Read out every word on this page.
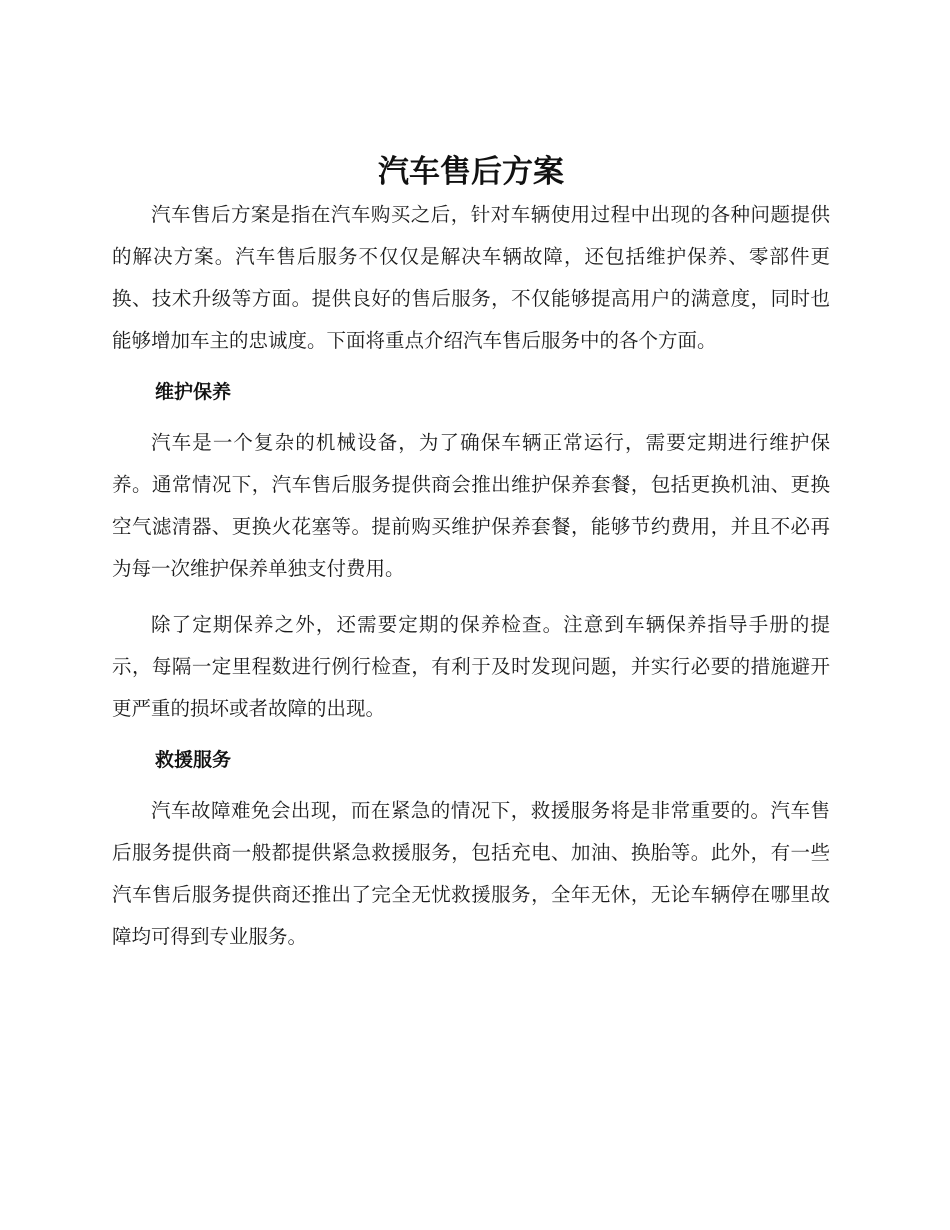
汽车售后方案

汽车售后方案是指在汽车购买之后，针对车辆使用过程中出现的各种问题提供的解决方案。汽车售后服务不仅仅是解决车辆故障，还包括维护保养、零部件更换、技术升级等方面。提供良好的售后服务，不仅能够提高用户的满意度，同时也能够增加车主的忠诚度。下面将重点介绍汽车售后服务中的各个方面。

维护保养

汽车是一个复杂的机械设备，为了确保车辆正常运行，需要定期进行维护保养。通常情况下，汽车售后服务提供商会推出维护保养套餐，包括更换机油、更换空气滤清器、更换火花塞等。提前购买维护保养套餐，能够节约费用，并且不必再为每一次维护保养单独支付费用。

除了定期保养之外，还需要定期的保养检查。注意到车辆保养指导手册的提示，每隔一定里程数进行例行检查，有利于及时发现问题，并实行必要的措施避开更严重的损坏或者故障的出现。

救援服务

汽车故障难免会出现，而在紧急的情况下，救援服务将是非常重要的。汽车售后服务提供商一般都提供紧急救援服务，包括充电、加油、换胎等。此外，有一些汽车售后服务提供商还推出了完全无忧救援服务，全年无休，无论车辆停在哪里故障均可得到专业服务。
